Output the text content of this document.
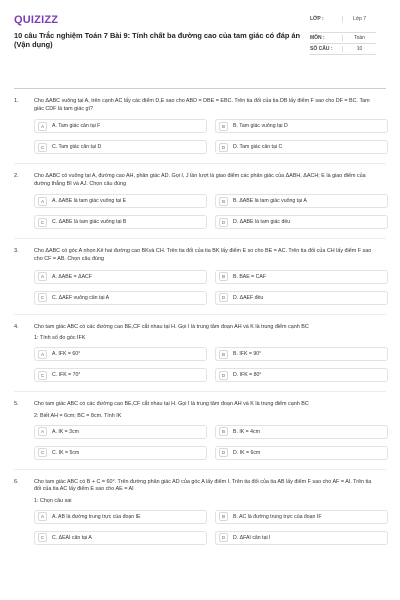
QUIZIZZ
10 câu Trắc nghiệm Toán 7 Bài 9: Tính chất ba đường cao của tam giác có đáp án (Vận dụng)
LỚP :	Lớp 7
MÔN :	Toán
SỐ CÂU :	10
1.	Cho ΔABC vuông tại A, trên cạnh AC lấy các điểm D,E sao cho ABD = DBE = EBC. Trên tia đối của tia DB lấy điểm F sao cho DF = BC. Tam giác CDF là tam giác gì?
A	A. Tam giác cân tại F	B	B. Tam giác vuông tại D
C	C. Tam giác cân tại D	D	D. Tam giác cân tại C
2.	Cho ΔABC có vuông tại A, đường cao AH, phân giác AD. Gọi I, J lần lượt là giao điểm các phân giác của ΔABH, ΔACH; E là giao điểm của đường thẳng BI và AJ. Chọn câu đúng
A	A. ΔABE là tam giác vuông tại E	B	B. ΔABE là tam giác vuông tại A
C	C. ΔABE là tam giác vuông tại B	D	D. ΔABE là tam giác đều
3.	Cho ΔABC có góc A nhọn.Kẻ hai đường cao BKvà CH. Trên tia đối của tia BK lấy điểm E so cho BE = AC. Trên tia đối của CH lấy điểm F sao cho CF = AB. Chọn câu đúng
A	A. ΔABE = ΔACF	B	B. BÂE = CÂF
C	C. ΔAEF vuông cân tại A	D	D. ΔAEF đều
4.	Cho tam giác ABC có các đường cao BE,CF cắt nhau tại H. Gọi I là trung tâm đoạn AH và K là trung điểm cạnh BC
1: Tính số đo góc IFK
A	A. IFK = 60°	B	B. IFK = 90°
C	C. IFK = 70°	D	D. IFK = 80°
5.	Cho tam giác ABC có các đường cao BE,CF cắt nhau tại H. Gọi I là trung tâm đoạn AH và K là trung điểm cạnh BC
2: Biết AH = 6cm; BC = 8cm. Tính IK
A	A. IK = 3cm	B	B. IK = 4cm
C	C. IK = 5cm	D	D. IK = 6cm
6.	Cho tam giác ABC có B + C = 60°. Trên đường phân giác AD của góc A lấy điểm I. Trên tia đối của tia AB lấy điểm F sao cho AF = AI. Trên tia đối của tia AC lấy điểm E sao cho AE = AI
1: Chọn câu sai
A	A. AB là đường trung trực của đoạn IE	B	B. AC là đường trung trực của đoạn IF
C	C. ΔEAI cân tại A	D	D. ΔFAI cân tại I
